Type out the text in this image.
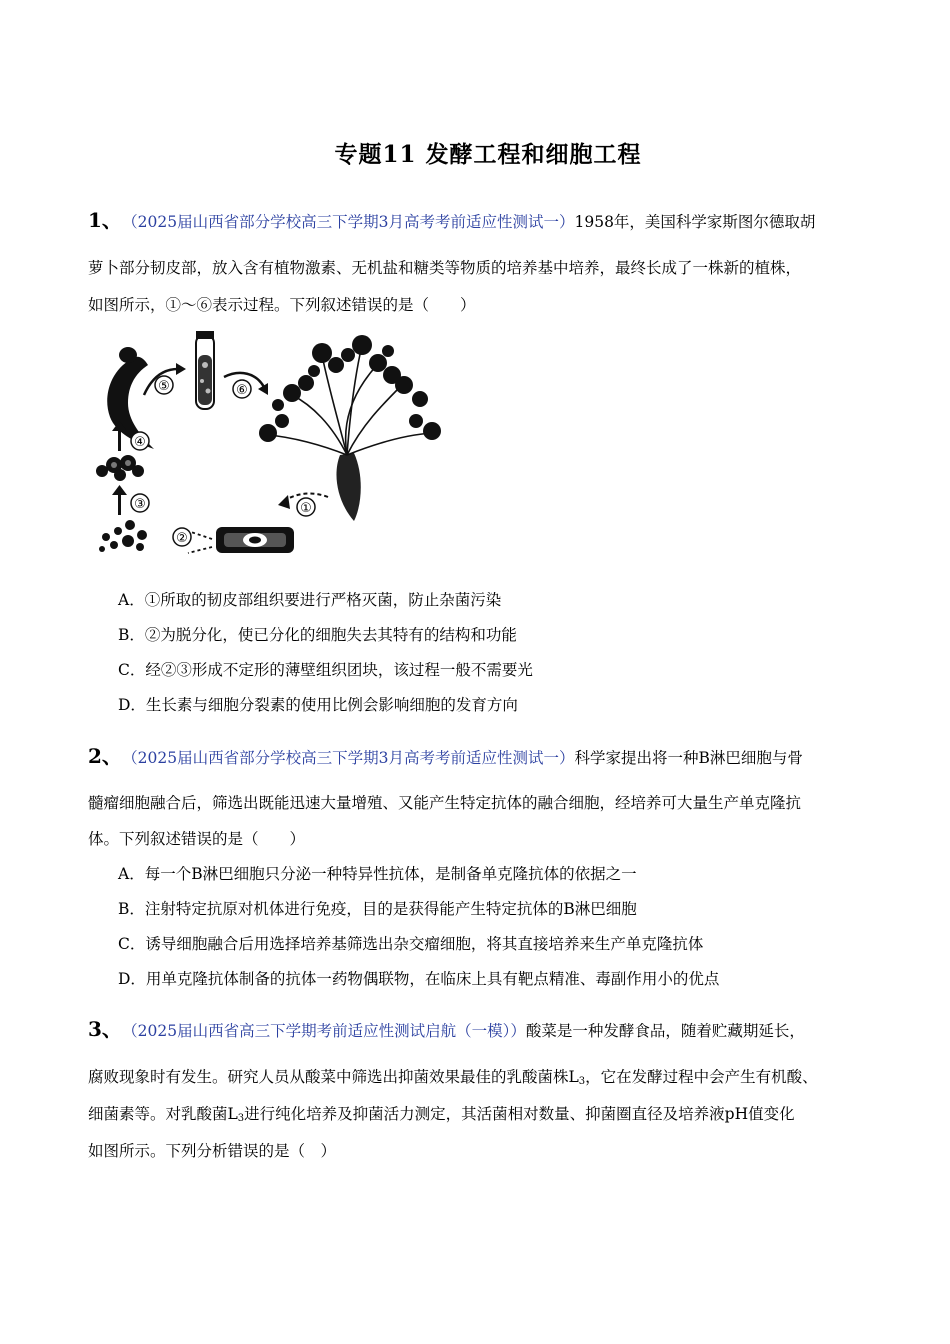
专题11 发酵工程和细胞工程
1、 （2025届山西省部分学校高三下学期3月高考考前适应性测试一）1958年，美国科学家斯图尔德取胡
萝卜部分韧皮部，放入含有植物激素、无机盐和糖类等物质的培养基中培养，最终长成了一株新的植株，
如图所示，①～⑥表示过程。下列叙述错误的是（　　）
⑤	⑥
①
②
③
④
A．①所取的韧皮部组织要进行严格灭菌，防止杂菌污染
B．②为脱分化，使已分化的细胞失去其特有的结构和功能
C．经②③形成不定形的薄壁组织团块，该过程一般不需要光
D．生长素与细胞分裂素的使用比例会影响细胞的发育方向
2、 （2025届山西省部分学校高三下学期3月高考考前适应性测试一）科学家提出将一种B淋巴细胞与骨
髓瘤细胞融合后，筛选出既能迅速大量增殖、又能产生特定抗体的融合细胞，经培养可大量生产单克隆抗
体。下列叙述错误的是（　　）
A．每一个B淋巴细胞只分泌一种特异性抗体，是制备单克隆抗体的依据之一
B．注射特定抗原对机体进行免疫，目的是获得能产生特定抗体的B淋巴细胞
C．诱导细胞融合后用选择培养基筛选出杂交瘤细胞，将其直接培养来生产单克隆抗体
D．用单克隆抗体制备的抗体一药物偶联物，在临床上具有靶点精准、毒副作用小的优点
3、 （2025届山西省高三下学期考前适应性测试启航（一模））酸菜是一种发酵食品，随着贮藏期延长，
腐败现象时有发生。研究人员从酸菜中筛选出抑菌效果最佳的乳酸菌株$L_3$，它在发酵过程中会产生有机酸、
细菌素等。对乳酸菌$L_3$进行纯化培养及抑菌活力测定，其活菌相对数量、抑菌圈直径及培养液pH值变化
如图所示。下列分析错误的是（　）
